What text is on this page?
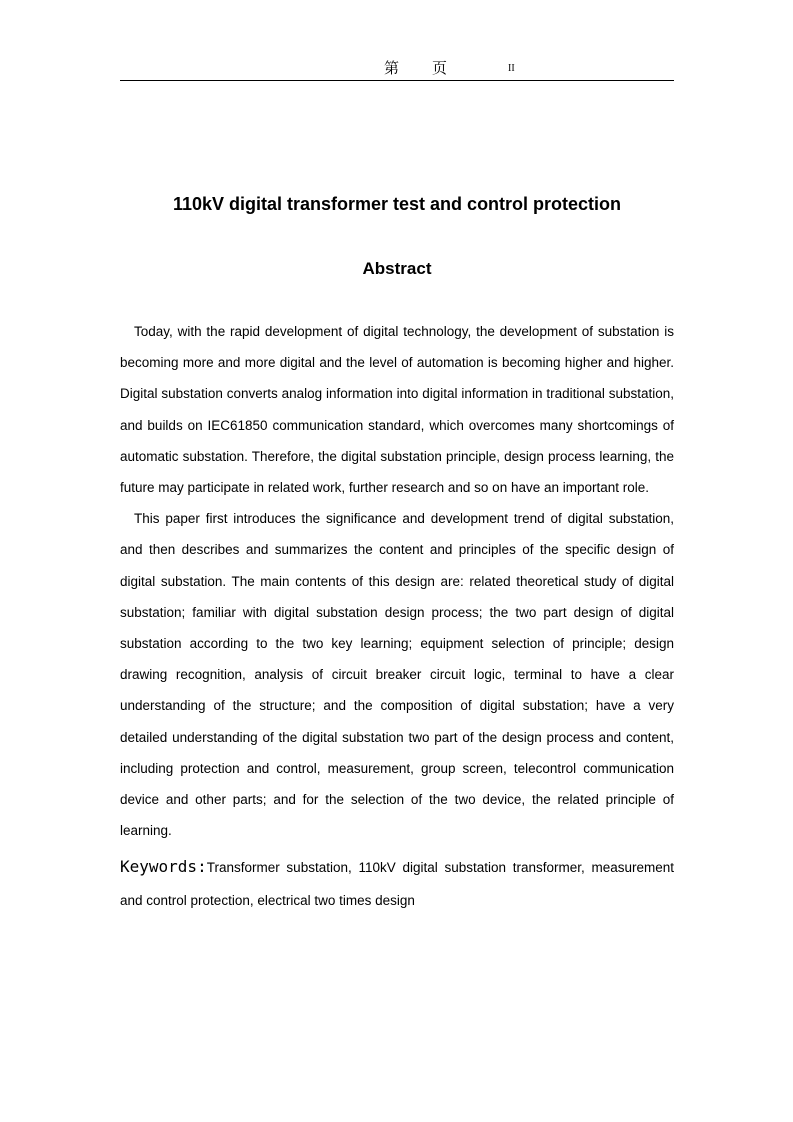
第 页	II
110kV digital transformer test and control protection
Abstract

Today, with the rapid development of digital technology, the development of substation is becoming more and more digital and the level of automation is becoming higher and higher. Digital substation converts analog information into digital information in traditional substation, and builds on IEC61850 communication standard, which overcomes many shortcomings of automatic substation. Therefore, the digital substation principle, design process learning, the future may participate in related work, further research and so on have an important role.

This paper first introduces the significance and development trend of digital substation, and then describes and summarizes the content and principles of the specific design of digital substation. The main contents of this design are: related theoretical study of digital substation; familiar with digital substation design process; the two part design of digital substation according to the two key learning; equipment selection of principle; design drawing recognition, analysis of circuit breaker circuit logic, terminal to have a clear understanding of the structure; and the composition of digital substation; have a very detailed understanding of the digital substation two part of the design process and content, including protection and control, measurement, group screen, telecontrol communication device and other parts; and for the selection of the two device, the related principle of learning.

Keywords:Transformer substation, 110kV digital substation transformer, measurement and control protection, electrical two times design
